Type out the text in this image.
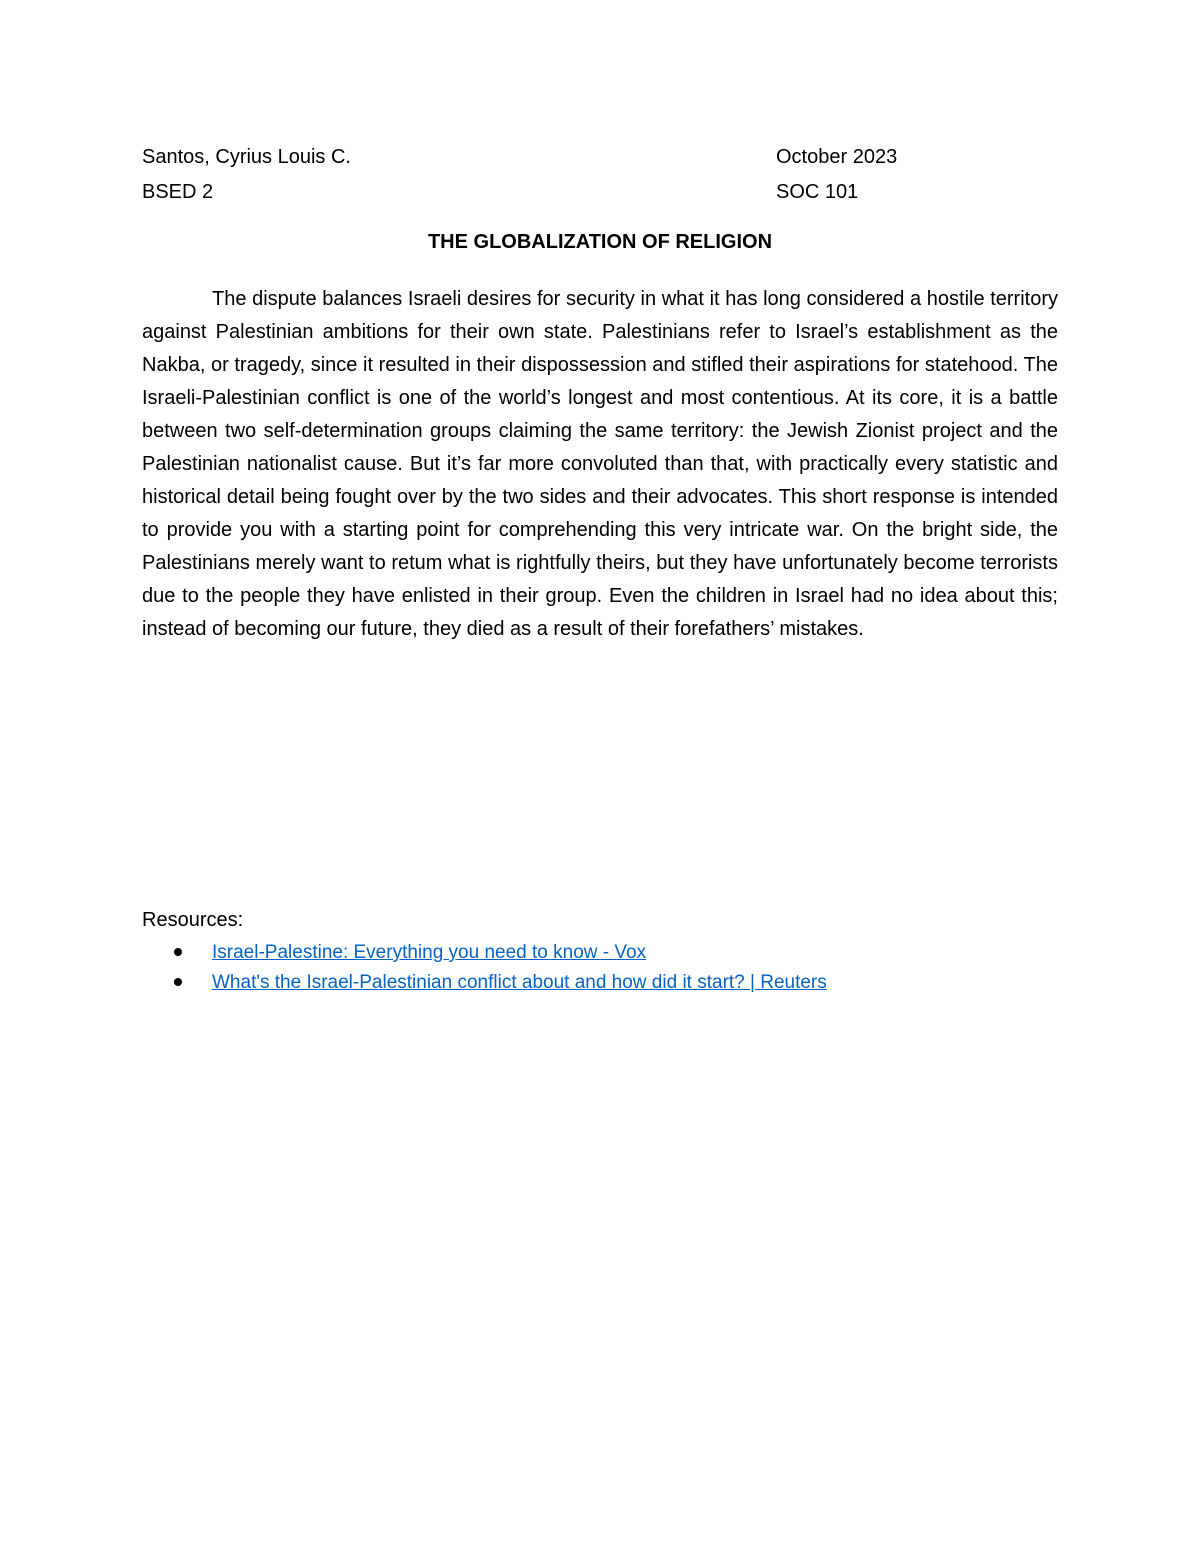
Santos, Cyrius Louis C.	October 2023
BSED 2	SOC 101
THE GLOBALIZATION OF RELIGION

The dispute balances Israeli desires for security in what it has long considered a hostile territory against Palestinian ambitions for their own state. Palestinians refer to Israel’s establishment as the Nakba, or tragedy, since it resulted in their dispossession and stifled their aspirations for statehood. The Israeli-Palestinian conflict is one of the world’s longest and most contentious. At its core, it is a battle between two self-determination groups claiming the same territory: the Jewish Zionist project and the Palestinian nationalist cause. But it’s far more convoluted than that, with practically every statistic and historical detail being fought over by the two sides and their advocates. This short response is intended to provide you with a starting point for comprehending this very intricate war. On the bright side, the Palestinians merely want to retum what is rightfully theirs, but they have unfortunately become terrorists due to the people they have enlisted in their group. Even the children in Israel had no idea about this; instead of becoming our future, they died as a result of their forefathers’ mistakes.

Resources:
Israel-Palestine: Everything you need to know - Vox
What's the Israel-Palestinian conflict about and how did it start? | Reuters
